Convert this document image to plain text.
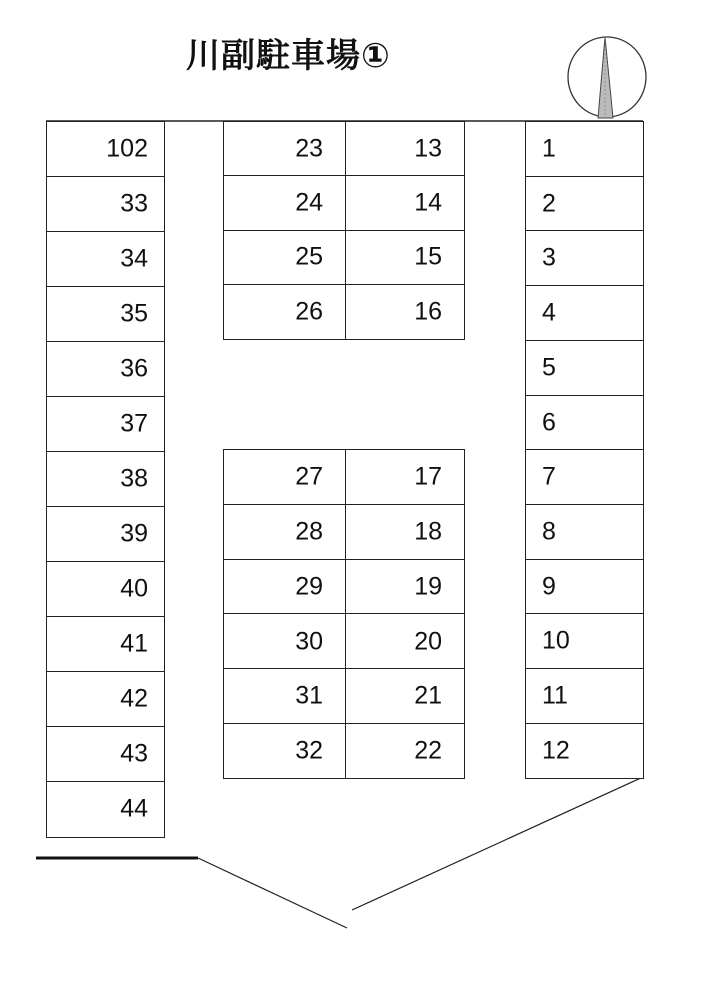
川副駐車場①
102
33
34
35
36
37
38
39
40
41
42
43
44
23
24
25
26
13
14
15
16
27
28
29
30
31
32
17
18
19
20
21
22
1
2
3
4
5
6
7
8
9
10
11
12
